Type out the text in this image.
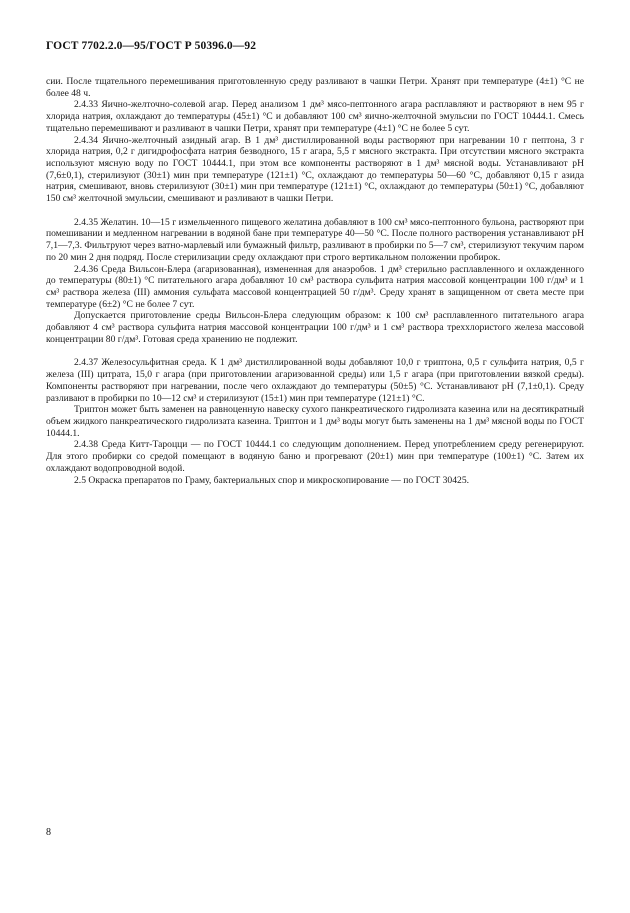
ГОСТ 7702.2.0—95/ГОСТ Р 50396.0—92

сии. После тщательного перемешивания приготовленную среду разливают в чашки Петри. Хранят при температуре (4±1) °С не более 48 ч.

2.4.33 Яично-желточно-солевой агар. Перед анализом 1 дм³ мясо-пептонного агара расплавляют и растворяют в нем 95 г хлорида натрия, охлаждают до температуры (45±1) °С и добавляют 100 см³ яично-желточной эмульсии по ГОСТ 10444.1. Смесь тщательно перемешивают и разливают в чашки Петри, хранят при температуре (4±1) °С не более 5 сут.

2.4.34 Яично-желточный азидный агар. В 1 дм³ дистиллированной воды растворяют при нагревании 10 г пептона, 3 г хлорида натрия, 0,2 г дигидрофосфата натрия безводного, 15 г агара, 5,5 г мясного экстракта. При отсутствии мясного экстракта используют мясную воду по ГОСТ 10444.1, при этом все компоненты растворяют в 1 дм³ мясной воды. Устанавливают рН (7,6±0,1), стерилизуют (30±1) мин при температуре (121±1) °С, охлаждают до температуры 50—60 °С, добавляют 0,15 г азида натрия, смешивают, вновь стерилизуют (30±1) мин при температуре (121±1) °С, охлаждают до температуры (50±1) °С, добавляют 150 см³ желточной эмульсии, смешивают и разливают в чашки Петри.

2.4.35 Желатин. 10—15 г измельченного пищевого желатина добавляют в 100 см³ мясо-пептонного бульона, растворяют при помешивании и медленном нагревании в водяной бане при температуре 40—50 °С. После полного растворения устанавливают рН 7,1—7,3. Фильтруют через ватно-марлевый или бумажный фильтр, разливают в пробирки по 5—7 см³, стерилизуют текучим паром по 20 мин 2 дня подряд. После стерилизации среду охлаждают при строго вертикальном положении пробирок.

2.4.36 Среда Вильсон-Блера (агаризованная), измененная для анаэробов. 1 дм³ стерильно расплавленного и охлажденного до температуры (80±1) °С питательного агара добавляют 10 см³ раствора сульфита натрия массовой концентрации 100 г/дм³ и 1 см³ раствора железа (III) аммония сульфата массовой концентрацией 50 г/дм³. Среду хранят в защищенном от света месте при температуре (6±2) °С не более 7 сут.

Допускается приготовление среды Вильсон-Блера следующим образом: к 100 см³ расплавленного питательного агара добавляют 4 см³ раствора сульфита натрия массовой концентрации 100 г/дм³ и 1 см³ раствора треххлористого железа массовой концентрации 80 г/дм³. Готовая среда хранению не подлежит.

2.4.37 Железосульфитная среда. К 1 дм³ дистиллированной воды добавляют 10,0 г триптона, 0,5 г сульфита натрия, 0,5 г железа (III) цитрата, 15,0 г агара (при приготовлении агаризованной среды) или 1,5 г агара (при приготовлении вязкой среды). Компоненты растворяют при нагревании, после чего охлаждают до температуры (50±5) °С. Устанавливают рН (7,1±0,1). Среду разливают в пробирки по 10—12 см³ и стерилизуют (15±1) мин при температуре (121±1) °С.

Триптон может быть заменен на равноценную навеску сухого панкреатического гидролизата казеина или на десятикратный объем жидкого панкреатического гидролизата казеина. Триптон и 1 дм³ воды могут быть заменены на 1 дм³ мясной воды по ГОСТ 10444.1.

2.4.38 Среда Китт-Тароцци — по ГОСТ 10444.1 со следующим дополнением. Перед употреблением среду регенерируют. Для этого пробирки со средой помещают в водяную баню и прогревают (20±1) мин при температуре (100±1) °С. Затем их охлаждают водопроводной водой.

2.5 Окраска препаратов по Граму, бактериальных спор и микроскопирование — по ГОСТ 30425.

8
